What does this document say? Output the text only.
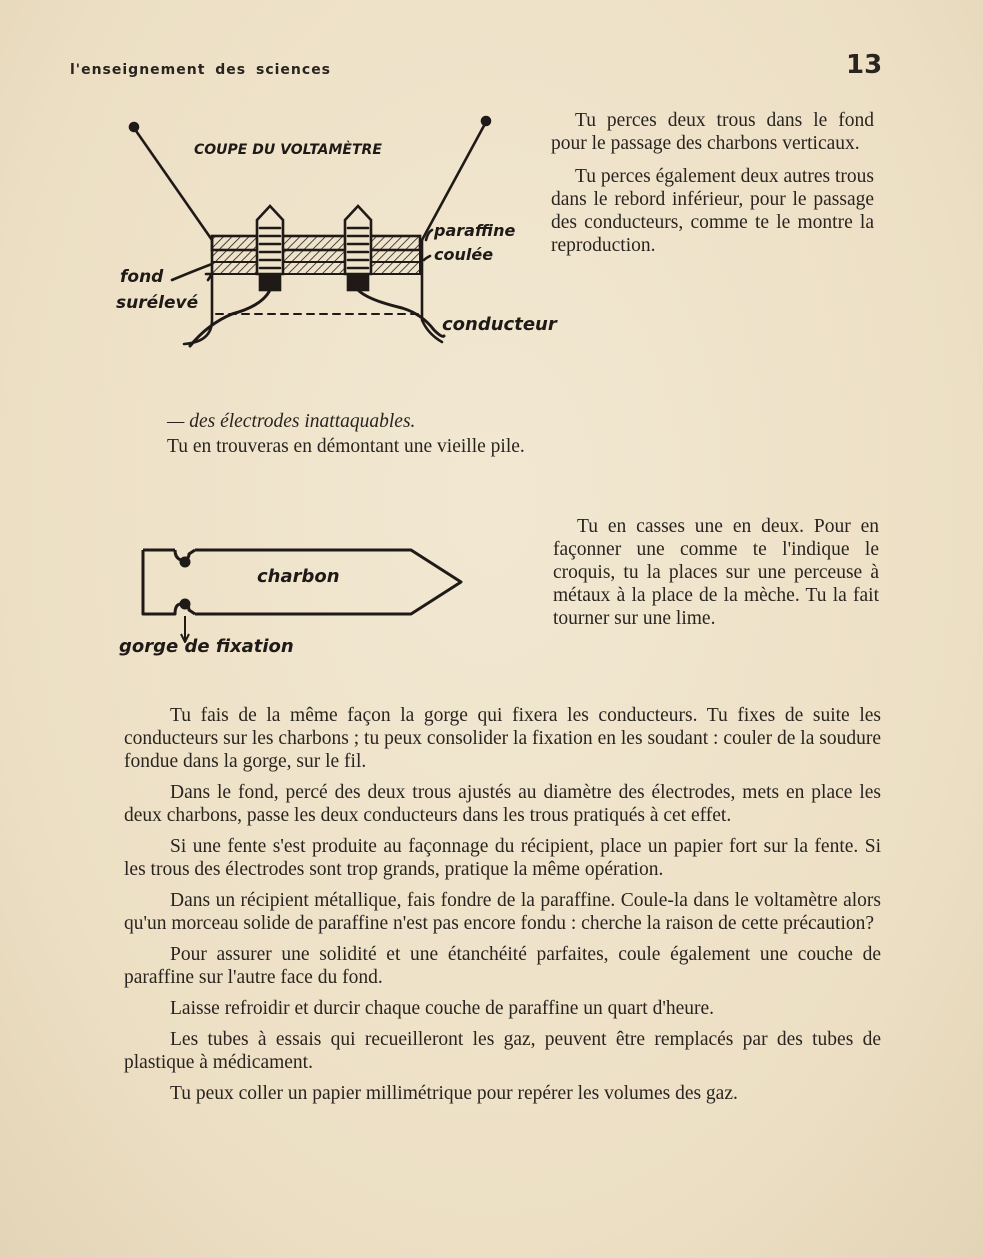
l'enseignement des sciences	13
COUPE DU VOLTAMÈTRE
paraffine
coulée
fond
surélevé
conducteur

Tu perces deux trous dans le fond pour le passage des charbons verticaux.

Tu perces également deux autres trous dans le rebord inférieur, pour le passage des conducteurs, comme te le montre la reproduction.

— des électrodes inattaquables.

Tu en trouveras en démontant une vieille pile.

charbon
gorge de fixation

Tu en casses une en deux. Pour en façonner une comme te l'indique le croquis, tu la places sur une perceuse à métaux à la place de la mèche. Tu la fait tourner sur une lime.

Tu fais de la même façon la gorge qui fixera les conducteurs. Tu fixes de suite les conducteurs sur les charbons ; tu peux consolider la fixation en les soudant : couler de la soudure fondue dans la gorge, sur le fil.

Dans le fond, percé des deux trous ajustés au diamètre des électrodes, mets en place les deux charbons, passe les deux conducteurs dans les trous pratiqués à cet effet.

Si une fente s'est produite au façonnage du récipient, place un papier fort sur la fente. Si les trous des électrodes sont trop grands, pratique la même opération.

Dans un récipient métallique, fais fondre de la paraffine. Coule-la dans le voltamètre alors qu'un morceau solide de paraffine n'est pas encore fondu : cherche la raison de cette précaution?

Pour assurer une solidité et une étanchéité parfaites, coule également une couche de paraffine sur l'autre face du fond.

Laisse refroidir et durcir chaque couche de paraffine un quart d'heure.

Les tubes à essais qui recueilleront les gaz, peuvent être remplacés par des tubes de plastique à médicament.

Tu peux coller un papier millimétrique pour repérer les volumes des gaz.
